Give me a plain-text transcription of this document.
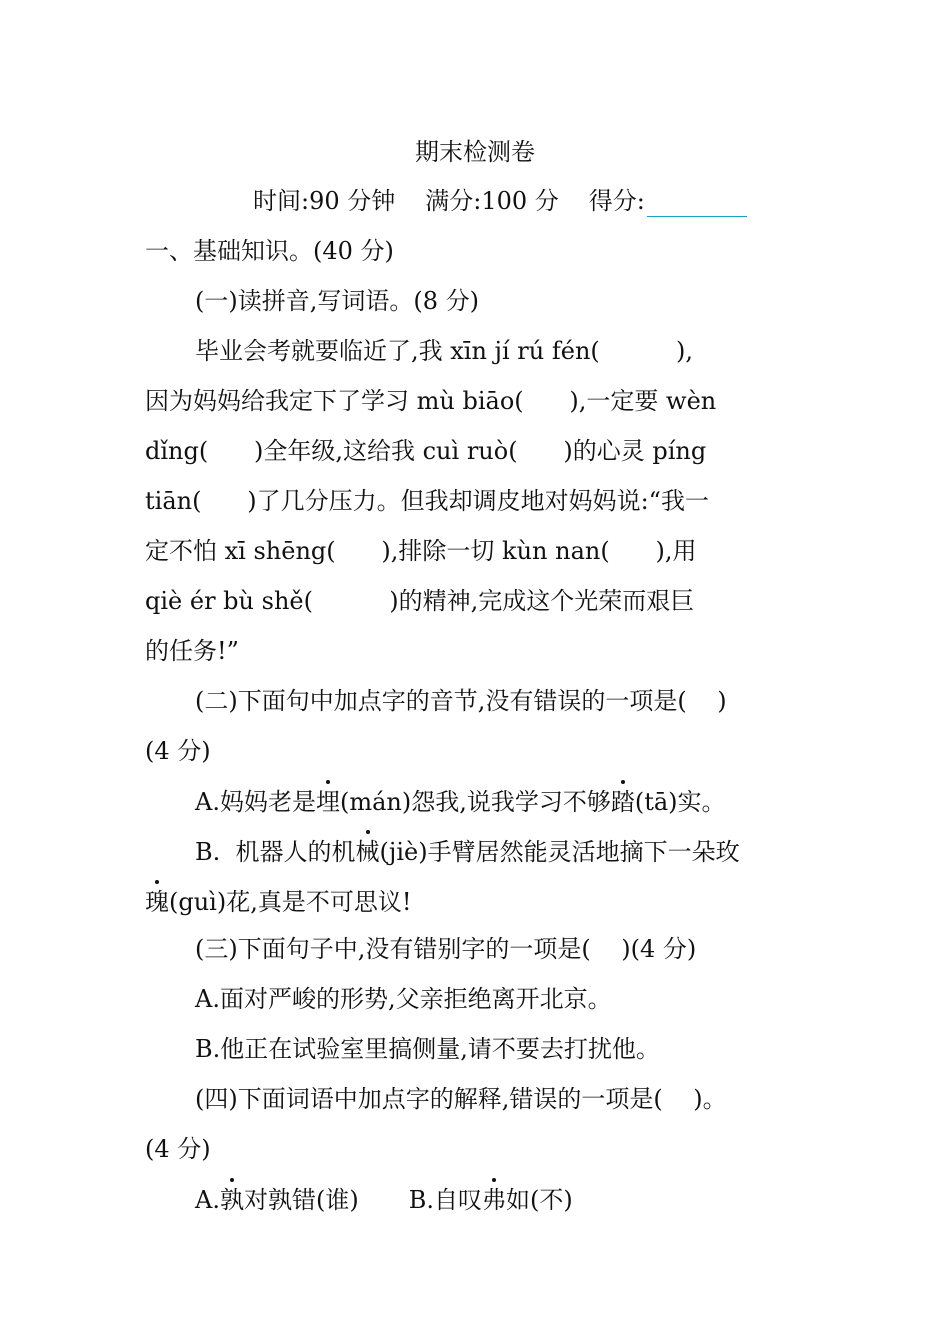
期末检测卷
时间:90 分钟 满分:100 分 得分:
一、基础知识。(40 分)
(一)读拼音,写词语。(8 分)
毕业会考就要临近了,我 xīn jí rú fén(          ),
因为妈妈给我定下了学习 mù biāo(      ),一定要 wèn
dǐng(      )全年级,这给我 cuì ruò(      )的心灵 píng
tiān(      )了几分压力。但我却调皮地对妈妈说:“我一
定不怕 xī shēng(      ),排除一切 kùn nan(      ),用
qiè ér bù shě(          )的精神,完成这个光荣而艰巨
的任务!”
(二)下面句中加点字的音节,没有错误的一项是(    )
(4 分)
A.妈妈老是埋(mán)怨我,说我学习不够踏(tā)实。
B.  机器人的机械(jiè)手臂居然能灵活地摘下一朵玫
瑰(guì)花,真是不可思议!
(三)下面句子中,没有错别字的一项是(    )(4 分)
A.面对严峻的形势,父亲拒绝离开北京。
B.他正在试验室里搞侧量,请不要去打扰他。
(四)下面词语中加点字的解释,错误的一项是(    )。
(4 分)
A.孰对孰错(谁) B.自叹弗如(不)
